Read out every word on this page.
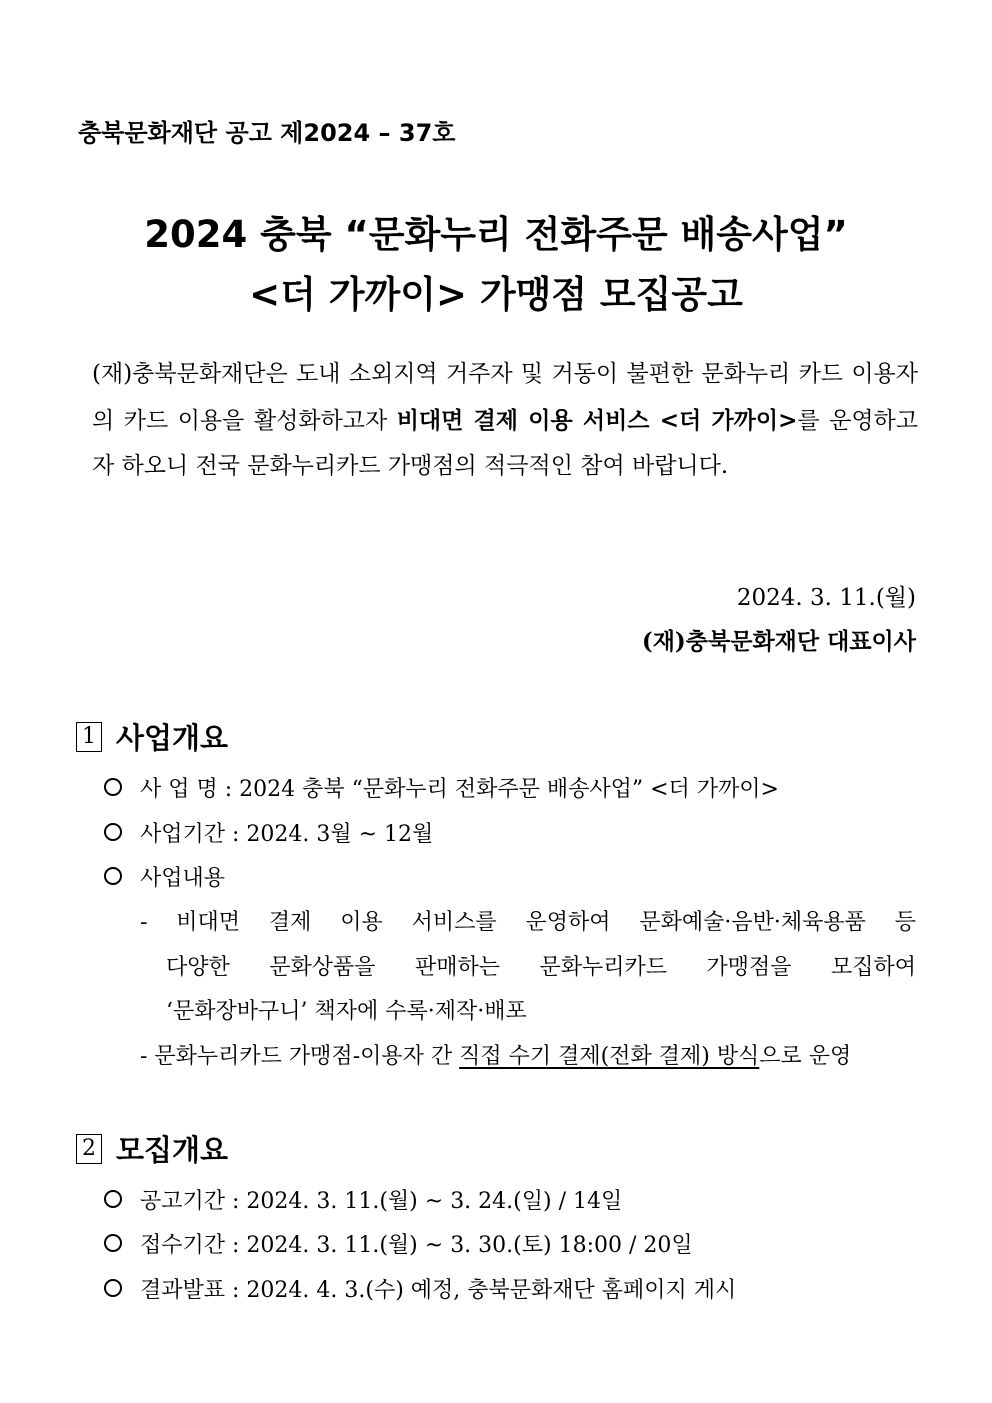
충북문화재단 공고 제2024 – 37호
2024 충북 “문화누리 전화주문 배송사업”
<더 가까이> 가맹점 모집공고
(재)충북문화재단은 도내 소외지역 거주자 및 거동이 불편한 문화누리 카드 이용자의 카드 이용을 활성화하고자 비대면 결제 이용 서비스 <더 가까이>를 운영하고자 하오니 전국 문화누리카드 가맹점의 적극적인 참여 바랍니다.
2024. 3. 11.(월)
(재)충북문화재단 대표이사
1 사업개요
사 업 명 : 2024 충북 “문화누리 전화주문 배송사업” <더 가까이>
사업기간 : 2024. 3월 ~ 12월
사업내용
- 비대면 결제 이용 서비스를 운영하여 문화예술·음반·체육용품 등
다양한 문화상품을 판매하는 문화누리카드 가맹점을 모집하여
‘문화장바구니’ 책자에 수록·제작·배포
- 문화누리카드 가맹점-이용자 간 직접 수기 결제(전화 결제) 방식으로 운영
2 모집개요
공고기간 : 2024. 3. 11.(월) ~ 3. 24.(일) / 14일
접수기간 : 2024. 3. 11.(월) ~ 3. 30.(토) 18:00 / 20일
결과발표 : 2024. 4. 3.(수) 예정, 충북문화재단 홈페이지 게시
